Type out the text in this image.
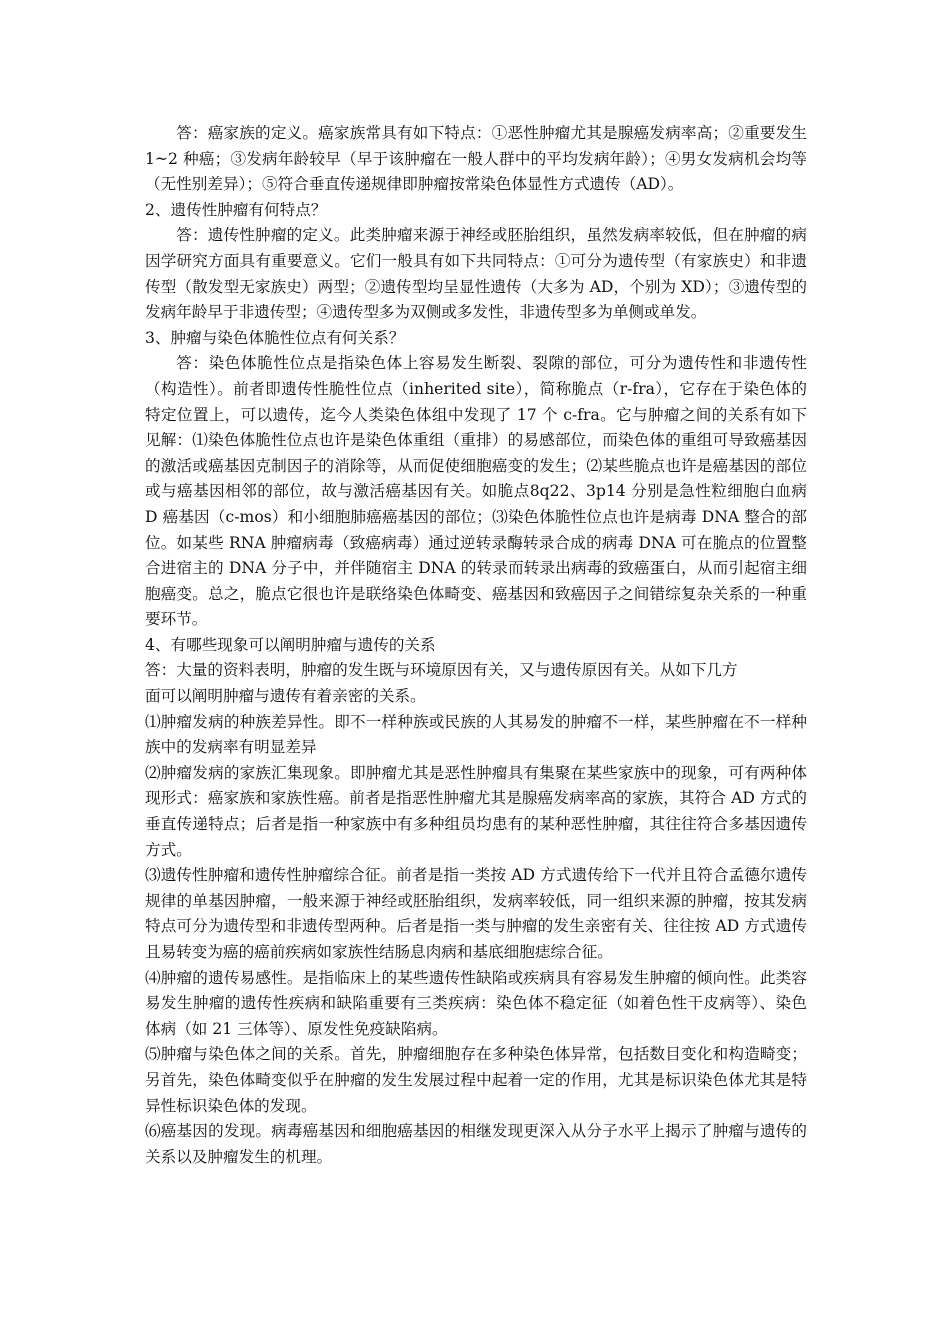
答：癌家族的定义。癌家族常具有如下特点：①恶性肿瘤尤其是腺癌发病率高；②重要发生 1~2 种癌；③发病年龄较早（早于该肿瘤在一般人群中的平均发病年龄）；④男女发病机会均等（无性别差异）；⑤符合垂直传递规律即肿瘤按常染色体显性方式遗传（AD）。

2、遗传性肿瘤有何特点？

答：遗传性肿瘤的定义。此类肿瘤来源于神经或胚胎组织，虽然发病率较低，但在肿瘤的病因学研究方面具有重要意义。它们一般具有如下共同特点：①可分为遗传型（有家族史）和非遗传型（散发型无家族史）两型；②遗传型均呈显性遗传（大多为 AD，个别为 XD）；③遗传型的发病年龄早于非遗传型；④遗传型多为双侧或多发性，非遗传型多为单侧或单发。

3、肿瘤与染色体脆性位点有何关系？

答：染色体脆性位点是指染色体上容易发生断裂、裂隙的部位，可分为遗传性和非遗传性（构造性）。前者即遗传性脆性位点（inherited site），简称脆点（r-fra），它存在于染色体的特定位置上，可以遗传，迄今人类染色体组中发现了 17 个 c-fra。它与肿瘤之间的关系有如下见解：⑴染色体脆性位点也许是染色体重组（重排）的易感部位，而染色体的重组可导致癌基因的激活或癌基因克制因子的消除等，从而促使细胞癌变的发生；⑵某些脆点也许是癌基因的部位或与癌基因相邻的部位，故与激活癌基因有关。如脆点8q22、3p14 分别是急性粒细胞白血病 D 癌基因（c-mos）和小细胞肺癌癌基因的部位；⑶染色体脆性位点也许是病毒 DNA 整合的部位。如某些 RNA 肿瘤病毒（致癌病毒）通过逆转录酶转录合成的病毒 DNA 可在脆点的位置整合进宿主的 DNA 分子中，并伴随宿主 DNA 的转录而转录出病毒的致癌蛋白，从而引起宿主细胞癌变。总之，脆点它很也许是联络染色体畸变、癌基因和致癌因子之间错综复杂关系的一种重要环节。

4、有哪些现象可以阐明肿瘤与遗传的关系

答：大量的资料表明，肿瘤的发生既与环境原因有关，又与遗传原因有关。从如下几方

面可以阐明肿瘤与遗传有着亲密的关系。

⑴肿瘤发病的种族差异性。即不一样种族或民族的人其易发的肿瘤不一样，某些肿瘤在不一样种族中的发病率有明显差异

⑵肿瘤发病的家族汇集现象。即肿瘤尤其是恶性肿瘤具有集聚在某些家族中的现象，可有两种体现形式：癌家族和家族性癌。前者是指恶性肿瘤尤其是腺癌发病率高的家族，其符合 AD 方式的垂直传递特点；后者是指一种家族中有多种组员均患有的某种恶性肿瘤，其往往符合多基因遗传方式。

⑶遗传性肿瘤和遗传性肿瘤综合征。前者是指一类按 AD 方式遗传给下一代并且符合孟德尔遗传规律的单基因肿瘤，一般来源于神经或胚胎组织，发病率较低，同一组织来源的肿瘤，按其发病特点可分为遗传型和非遗传型两种。后者是指一类与肿瘤的发生亲密有关、往往按 AD 方式遗传且易转变为癌的癌前疾病如家族性结肠息肉病和基底细胞痣综合征。

⑷肿瘤的遗传易感性。是指临床上的某些遗传性缺陷或疾病具有容易发生肿瘤的倾向性。此类容易发生肿瘤的遗传性疾病和缺陷重要有三类疾病：染色体不稳定征（如着色性干皮病等）、染色体病（如 21 三体等）、原发性免疫缺陷病。

⑸肿瘤与染色体之间的关系。首先，肿瘤细胞存在多种染色体异常，包括数目变化和构造畸变；另首先，染色体畸变似乎在肿瘤的发生发展过程中起着一定的作用，尤其是标识染色体尤其是特异性标识染色体的发现。

⑹癌基因的发现。病毒癌基因和细胞癌基因的相继发现更深入从分子水平上揭示了肿瘤与遗传的关系以及肿瘤发生的机理。
